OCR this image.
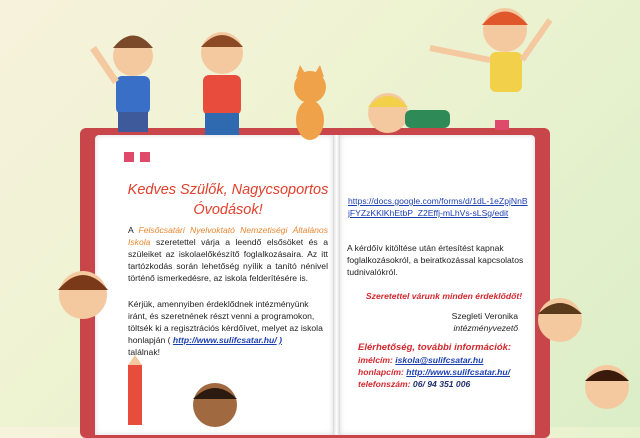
Kedves Szülők, Nagycsoportos Óvodások!
A Felsőcsatári Nyelvoktató Nemzetiségi Általános Iskola szeretettel várja a leendő elsősöket és a szüleiket az iskolaelőkészítő foglalkozásaira. Az itt tartózkodás során lehetőség nyílik a tanító nénivel történő ismerkedésre, az iskola felderítésére is.
Kérjük, amennyiben érdeklődnek intézményünk iránt, és szeretnének részt venni a programokon, töltsék ki a regisztrációs kérdőívet, melyet az iskola honlapján ( http://www.sulifcsatar.hu/ )
találnak!
https://docs.google.com/forms/d/1dL-1eZpjNnBjFYZzKKlKhEtbP_Z2Effj-mLhVs-sLSg/edit
A kérdőív kitöltése után értesítést kapnak foglalkozásokról, a beiratkozással kapcsolatos tudnivalókról.
Szeretettel várunk minden érdeklődőt!
Szegleti Veronika
intézményvezető
Elérhetőség, további információk:
imélcím: iskola@sulifcsatar.hu
honlapcím: http://www.sulifcsatar.hu/
telefonszám: 06/ 94 351 006
